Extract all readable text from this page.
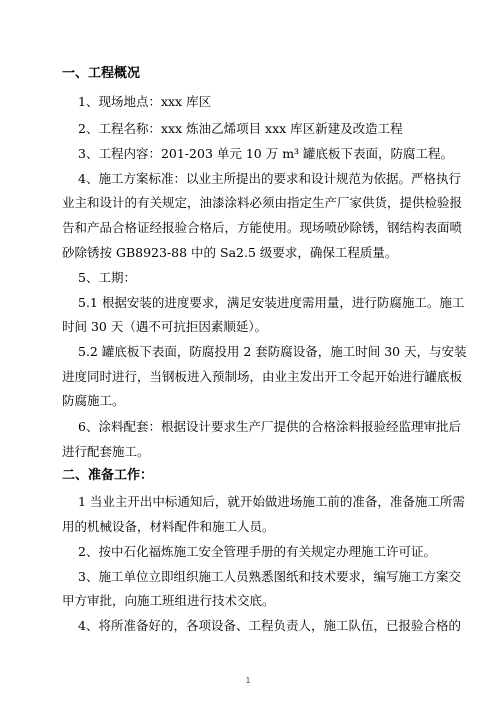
一、工程概况
1、现场地点：xxx 库区
2、工程名称：xxx 炼油乙烯项目 xxx 库区新建及改造工程
3、工程内容：201-203 单元 10 万 m³ 罐底板下表面，防腐工程。
4、施工方案标准：以业主所提出的要求和设计规范为依据。严格执行
业主和设计的有关规定，油漆涂料必须由指定生产厂家供货，提供检验报
告和产品合格证经报验合格后，方能使用。现场喷砂除锈，钢结构表面喷
砂除锈按 GB8923-88 中的 Sa2.5 级要求，确保工程质量。
5、工期：
5.1 根据安装的进度要求，满足安装进度需用量，进行防腐施工。施工
时间 30 天（遇不可抗拒因素顺延）。
5.2 罐底板下表面，防腐投用 2 套防腐设备，施工时间 30 天，与安装
进度同时进行，当钢板进入预制场，由业主发出开工令起开始进行罐底板
防腐施工。
6、涂料配套：根据设计要求生产厂提供的合格涂料报验经监理审批后
进行配套施工。
二、准备工作：
1 当业主开出中标通知后，就开始做进场施工前的准备，准备施工所需
用的机械设备，材料配件和施工人员。
2、按中石化福炼施工安全管理手册的有关规定办理施工许可证。
3、施工单位立即组织施工人员熟悉图纸和技术要求，编写施工方案交
甲方审批，向施工班组进行技术交底。
4、将所准备好的，各项设备、工程负责人，施工队伍，已报验合格的
1
